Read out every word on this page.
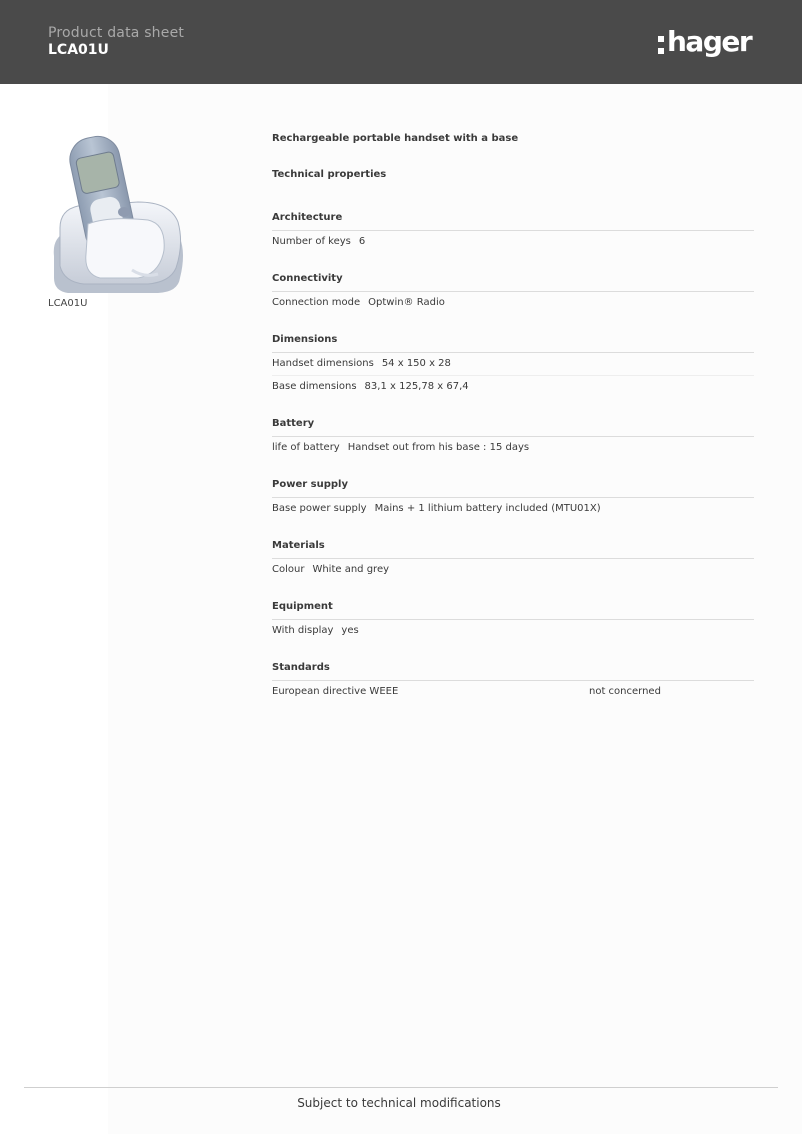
Product data sheet
LCA01U	hager
LCA01U
Rechargeable portable handset with a base
Technical properties
Architecture
Number of keys 6
Connectivity
Connection mode Optwin® Radio
Dimensions
Handset dimensions 54 x 150 x 28
Base dimensions 83,1 x 125,78 x 67,4
Battery
life of battery Handset out from his base : 15 days
Power supply
Base power supply Mains + 1 lithium battery included (MTU01X)
Materials
Colour White and grey
Equipment
With display yes
Standards
European directive WEEE	not concerned
Subject to technical modifications
